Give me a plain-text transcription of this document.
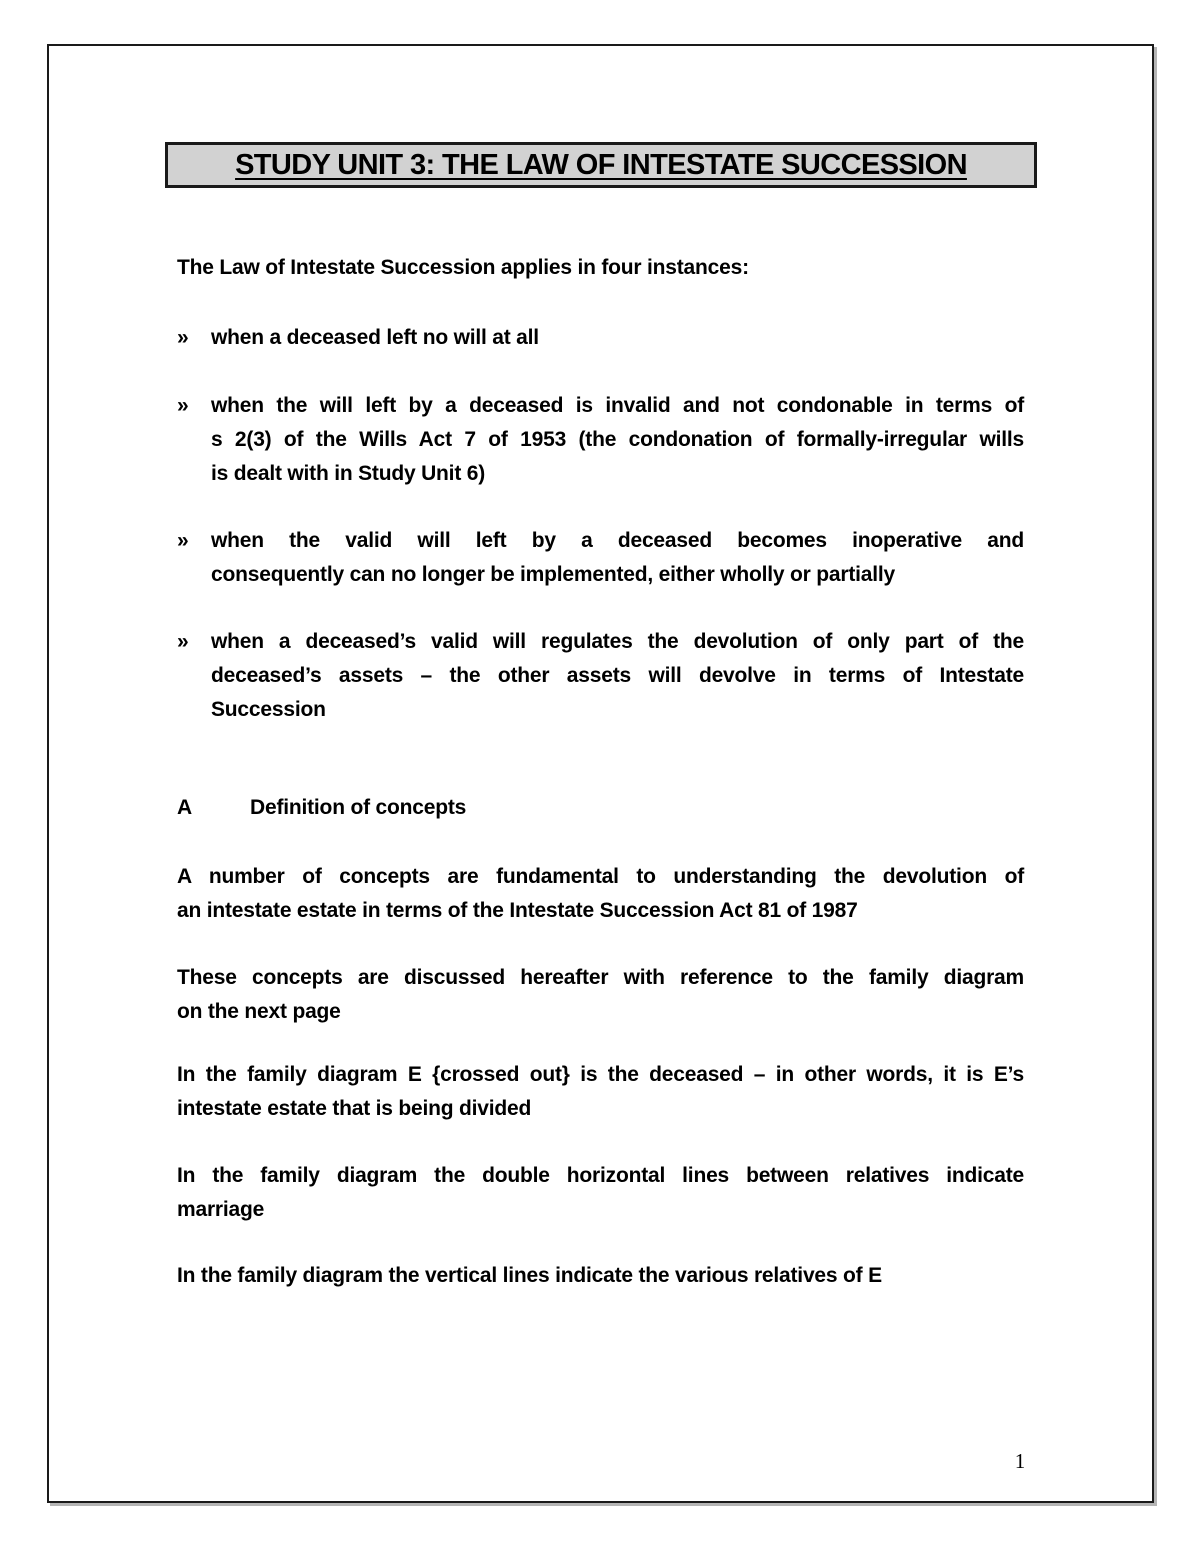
STUDY UNIT 3: THE LAW OF INTESTATE SUCCESSION
The Law of Intestate Succession applies in four instances:
»	when a deceased left no will at all
»	when the will left by a deceased is invalid and not condonable in terms of
s 2(3) of the Wills Act 7 of 1953 (the condonation of formally-irregular wills
is dealt with in Study Unit 6)
»	when the valid will left by a deceased becomes inoperative and
consequently can no longer be implemented, either wholly or partially
»	when a deceased’s valid will regulates the devolution of only part of the
deceased’s assets – the other assets will devolve in terms of Intestate
Succession
A	Definition of concepts
A number of concepts are fundamental to understanding the devolution of
an intestate estate in terms of the Intestate Succession Act 81 of 1987
These concepts are discussed hereafter with reference to the family diagram
on the next page
In the family diagram E {crossed out} is the deceased – in other words, it is E’s
intestate estate that is being divided
In the family diagram the double horizontal lines between relatives indicate
marriage
In the family diagram the vertical lines indicate the various relatives of E
1
